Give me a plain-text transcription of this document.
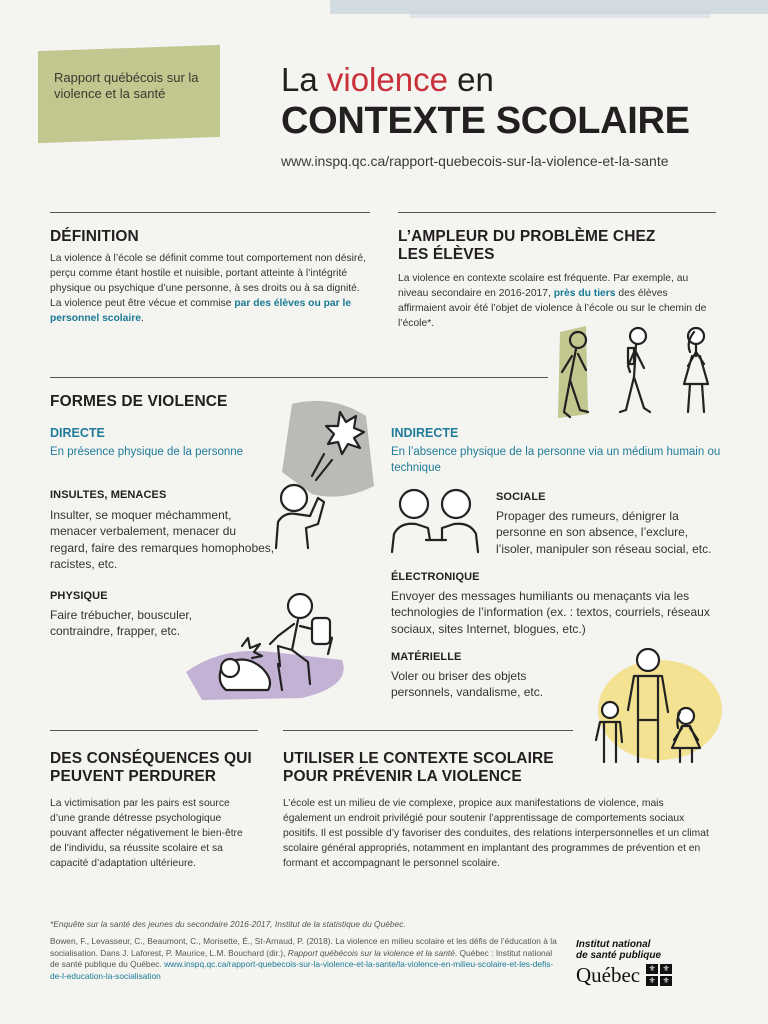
Rapport québécois sur la violence et la santé	La violence en
CONTEXTE SCOLAIRE
www.inspq.qc.ca/rapport-quebecois-sur-la-violence-et-la-sante
DÉFINITION
La violence à l’école se définit comme tout comportement non désiré, perçu comme étant hostile et nuisible, portant atteinte à l’intégrité physique ou psychique d’une personne, à ses droits ou à sa dignité. La violence peut être vécue et commise par des élèves ou par le personnel scolaire.
L’AMPLEUR DU PROBLÈME CHEZ LES ÉLÈVES
La violence en contexte scolaire est fréquente. Par exemple, au niveau secondaire en 2016-2017, près du tiers des élèves affirmaient avoir été l’objet de violence à l’école ou sur le chemin de l’école*.
FORMES DE VIOLENCE
DIRECTE
En présence physique de la personne
INSULTES, MENACES
Insulter, se moquer méchamment, menacer verbalement, menacer du regard, faire des remarques homophobes, racistes, etc.
PHYSIQUE
Faire trébucher, bousculer, contraindre, frapper, etc.
INDIRECTE
En l’absence physique de la personne via un médium humain ou technique
SOCIALE
Propager des rumeurs, dénigrer la personne en son absence, l’exclure, l’isoler, manipuler son réseau social, etc.
ÉLECTRONIQUE
Envoyer des messages humiliants ou menaçants via les technologies de l’information (ex. : textos, courriels, réseaux sociaux, sites Internet, blogues, etc.)
MATÉRIELLE
Voler ou briser des objets personnels, vandalisme, etc.
DES CONSÉQUENCES QUI PEUVENT PERDURER
La victimisation par les pairs est source d’une grande détresse psychologique pouvant affecter négativement le bien-être de l’individu, sa réussite scolaire et sa capacité d’adaptation ultérieure.
UTILISER LE CONTEXTE SCOLAIRE POUR PRÉVENIR LA VIOLENCE
L’école est un milieu de vie complexe, propice aux manifestations de violence, mais également un endroit privilégié pour soutenir l’apprentissage de comportements sociaux positifs. Il est possible d’y favoriser des conduites, des relations interpersonnelles et un climat scolaire général appropriés, notamment en implantant des programmes de prévention et en formant et accompagnant le personnel scolaire.
*Enquête sur la santé des jeunes du secondaire 2016-2017, Institut de la statistique du Québec.
Bowen, F., Levasseur, C., Beaumont, C., Morisette, É., St-Arnaud, P. (2018). La violence en milieu scolaire et les défis de l’éducation à la socialisation. Dans J. Laforest, P. Maurice, L.M. Bouchard (dir.), Rapport québécois sur la violence et la santé. Québec : Institut national de santé publique du Québec. www.inspq.qc.ca/rapport-quebecois-sur-la-violence-et-la-sante/la-violence-en-milieu-scolaire-et-les-defis-de-l-education-la-socialisation
Institut national
de santé publique
Québec	⚜ ⚜
⚜ ⚜
